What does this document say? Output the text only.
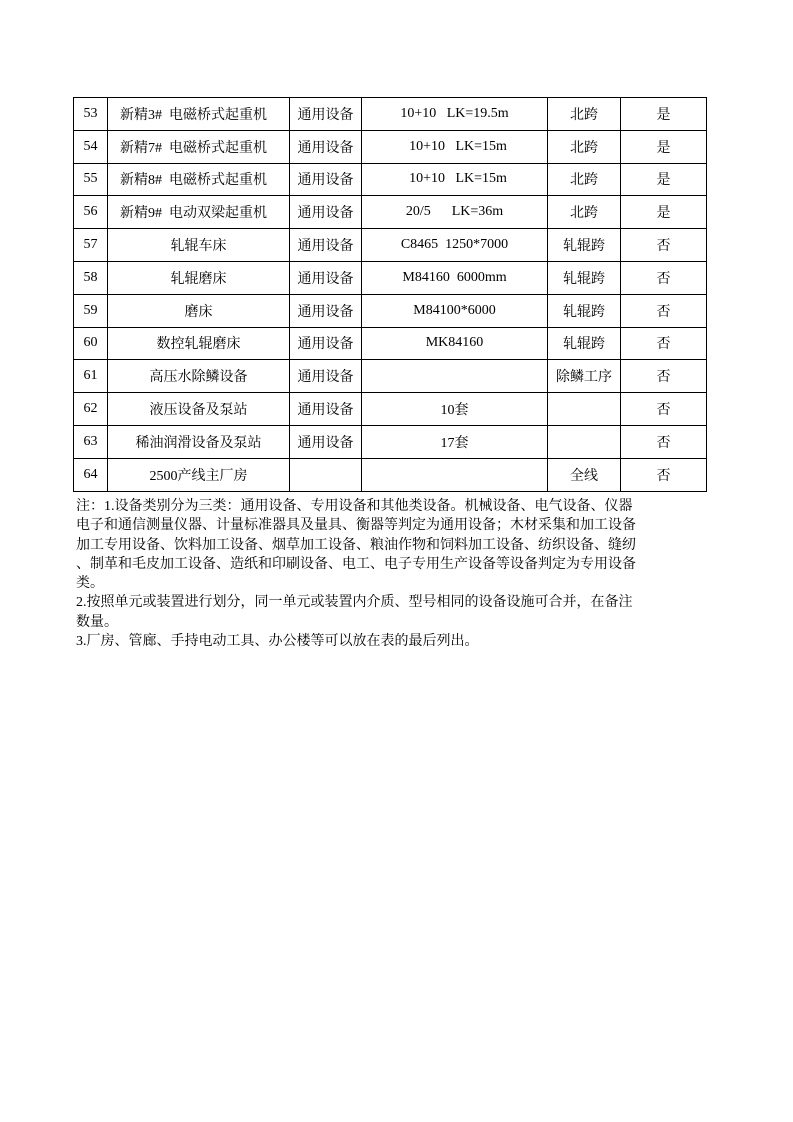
53	新精3#  电磁桥式起重机	通用设备	10+10   LK=19.5m	北跨	是
54	新精7#  电磁桥式起重机	通用设备	10+10   LK=15m	北跨	是
55	新精8#  电磁桥式起重机	通用设备	10+10   LK=15m	北跨	是
56	新精9#  电动双梁起重机	通用设备	20/5      LK=36m	北跨	是
57	轧辊车床	通用设备	C8465  1250*7000	轧辊跨	否
58	轧辊磨床	通用设备	M84160  6000mm	轧辊跨	否
59	磨床	通用设备	M84100*6000	轧辊跨	否
60	数控轧辊磨床	通用设备	MK84160	轧辊跨	否
61	高压水除鳞设备	通用设备		除鳞工序	否
62	液压设备及泵站	通用设备	10套		否
63	稀油润滑设备及泵站	通用设备	17套		否
64	2500产线主厂房			全线	否
注：1.设备类别分为三类：通用设备、专用设备和其他类设备。机械设备、电气设备、仪器
电子和通信测量仪器、计量标准器具及量具、衡器等判定为通用设备；木材采集和加工设备
加工专用设备、饮料加工设备、烟草加工设备、粮油作物和饲料加工设备、纺织设备、缝纫
、制革和毛皮加工设备、造纸和印刷设备、电工、电子专用生产设备等设备判定为专用设备
类。
2.按照单元或装置进行划分，同一单元或装置内介质、型号相同的设备设施可合并，在备注
数量。
3.厂房、管廊、手持电动工具、办公楼等可以放在表的最后列出。
